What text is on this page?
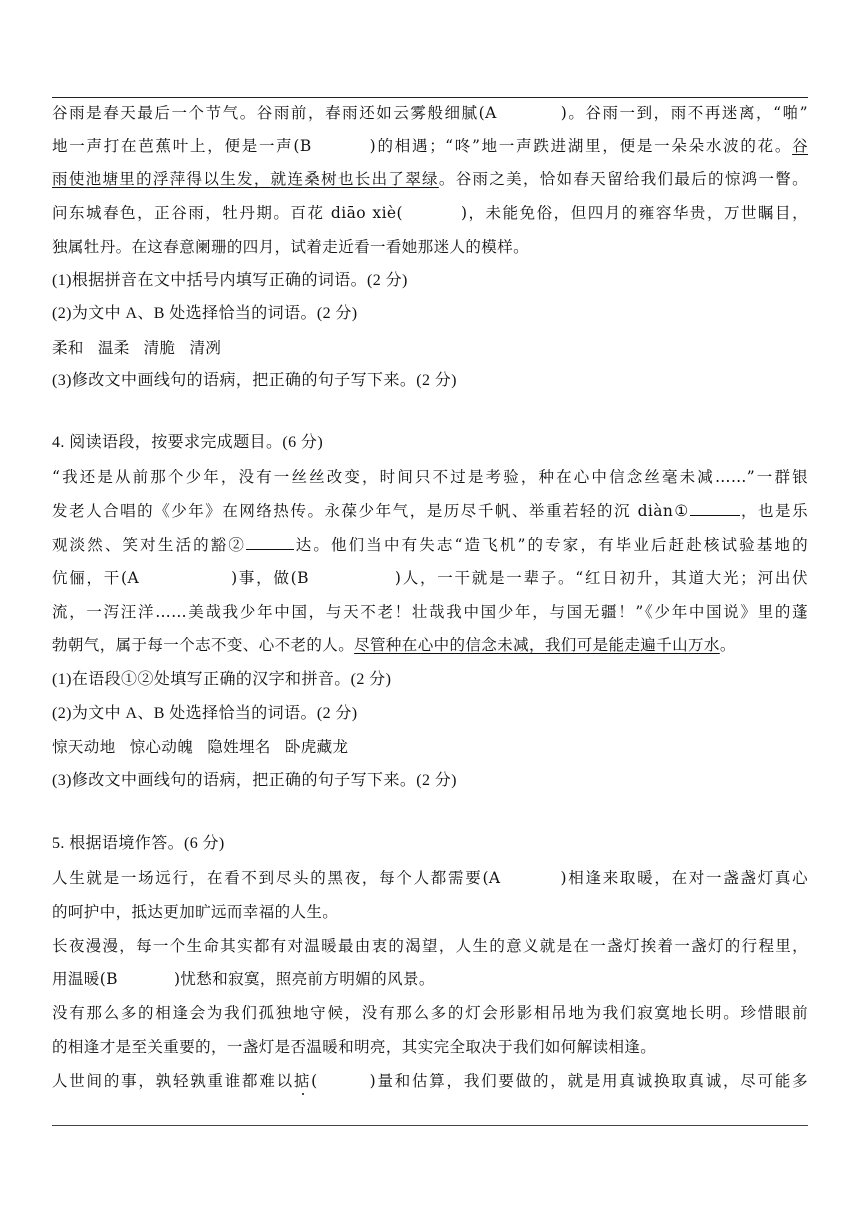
谷雨是春天最后一个节气。谷雨前，春雨还如云雾般细腻(A	)。谷雨一到，雨不再迷离，“啪”
地一声打在芭蕉叶上，便是一声(B	)的相遇；“咚”地一声跌进湖里，便是一朵朵水波的花。谷
雨使池塘里的浮萍得以生发，就连桑树也长出了翠绿。谷雨之美，恰如春天留给我们最后的惊鸿一瞥。
问东城春色，正谷雨，牡丹期。百花 diāo xiè(	)，未能免俗，但四月的雍容华贵，万世瞩目，
独属牡丹。在这春意阑珊的四月，试着走近看一看她那迷人的模样。
(1)根据拼音在文中括号内填写正确的词语。(2 分)
(2)为文中 A、B 处选择恰当的词语。(2 分)
柔和 温柔 清脆 清冽
(3)修改文中画线句的语病，把正确的句子写下来。(2 分)
4. 阅读语段，按要求完成题目。(6 分)
“我还是从前那个少年，没有一丝丝改变，时间只不过是考验，种在心中信念丝毫未减……”一群银
发老人合唱的《少年》在网络热传。永葆少年气，是历尽千帆、举重若轻的沉 diàn①	，也是乐
观淡然、笑对生活的豁②	达。他们当中有失志“造飞机”的专家，有毕业后赶赴核试验基地的
伉俪，干(A	)事，做(B	)人，一干就是一辈子。“红日初升，其道大光；河出伏
流，一泻汪洋……美哉我少年中国，与天不老！壮哉我中国少年，与国无疆！”《少年中国说》里的蓬
勃朝气，属于每一个志不变、心不老的人。尽管种在心中的信念未减，我们可是能走遍千山万水。
(1)在语段①②处填写正确的汉字和拼音。(2 分)
(2)为文中 A、B 处选择恰当的词语。(2 分)
惊天动地 惊心动魄 隐姓埋名 卧虎藏龙
(3)修改文中画线句的语病，把正确的句子写下来。(2 分)
5. 根据语境作答。(6 分)
人生就是一场远行，在看不到尽头的黑夜，每个人都需要(A	)相逢来取暖，在对一盏盏灯真心
的呵护中，抵达更加旷远而幸福的人生。
长夜漫漫，每一个生命其实都有对温暖最由衷的渴望，人生的意义就是在一盏灯挨着一盏灯的行程里，
用温暖(B	)忧愁和寂寞，照亮前方明媚的风景。
没有那么多的相逢会为我们孤独地守候，没有那么多的灯会形影相吊地为我们寂寞地长明。珍惜眼前
的相逢才是至关重要的，一盏灯是否温暖和明亮，其实完全取决于我们如何解读相逢。
人世间的事，孰轻孰重谁都难以掂(	)量和估算，我们要做的，就是用真诚换取真诚，尽可能多
